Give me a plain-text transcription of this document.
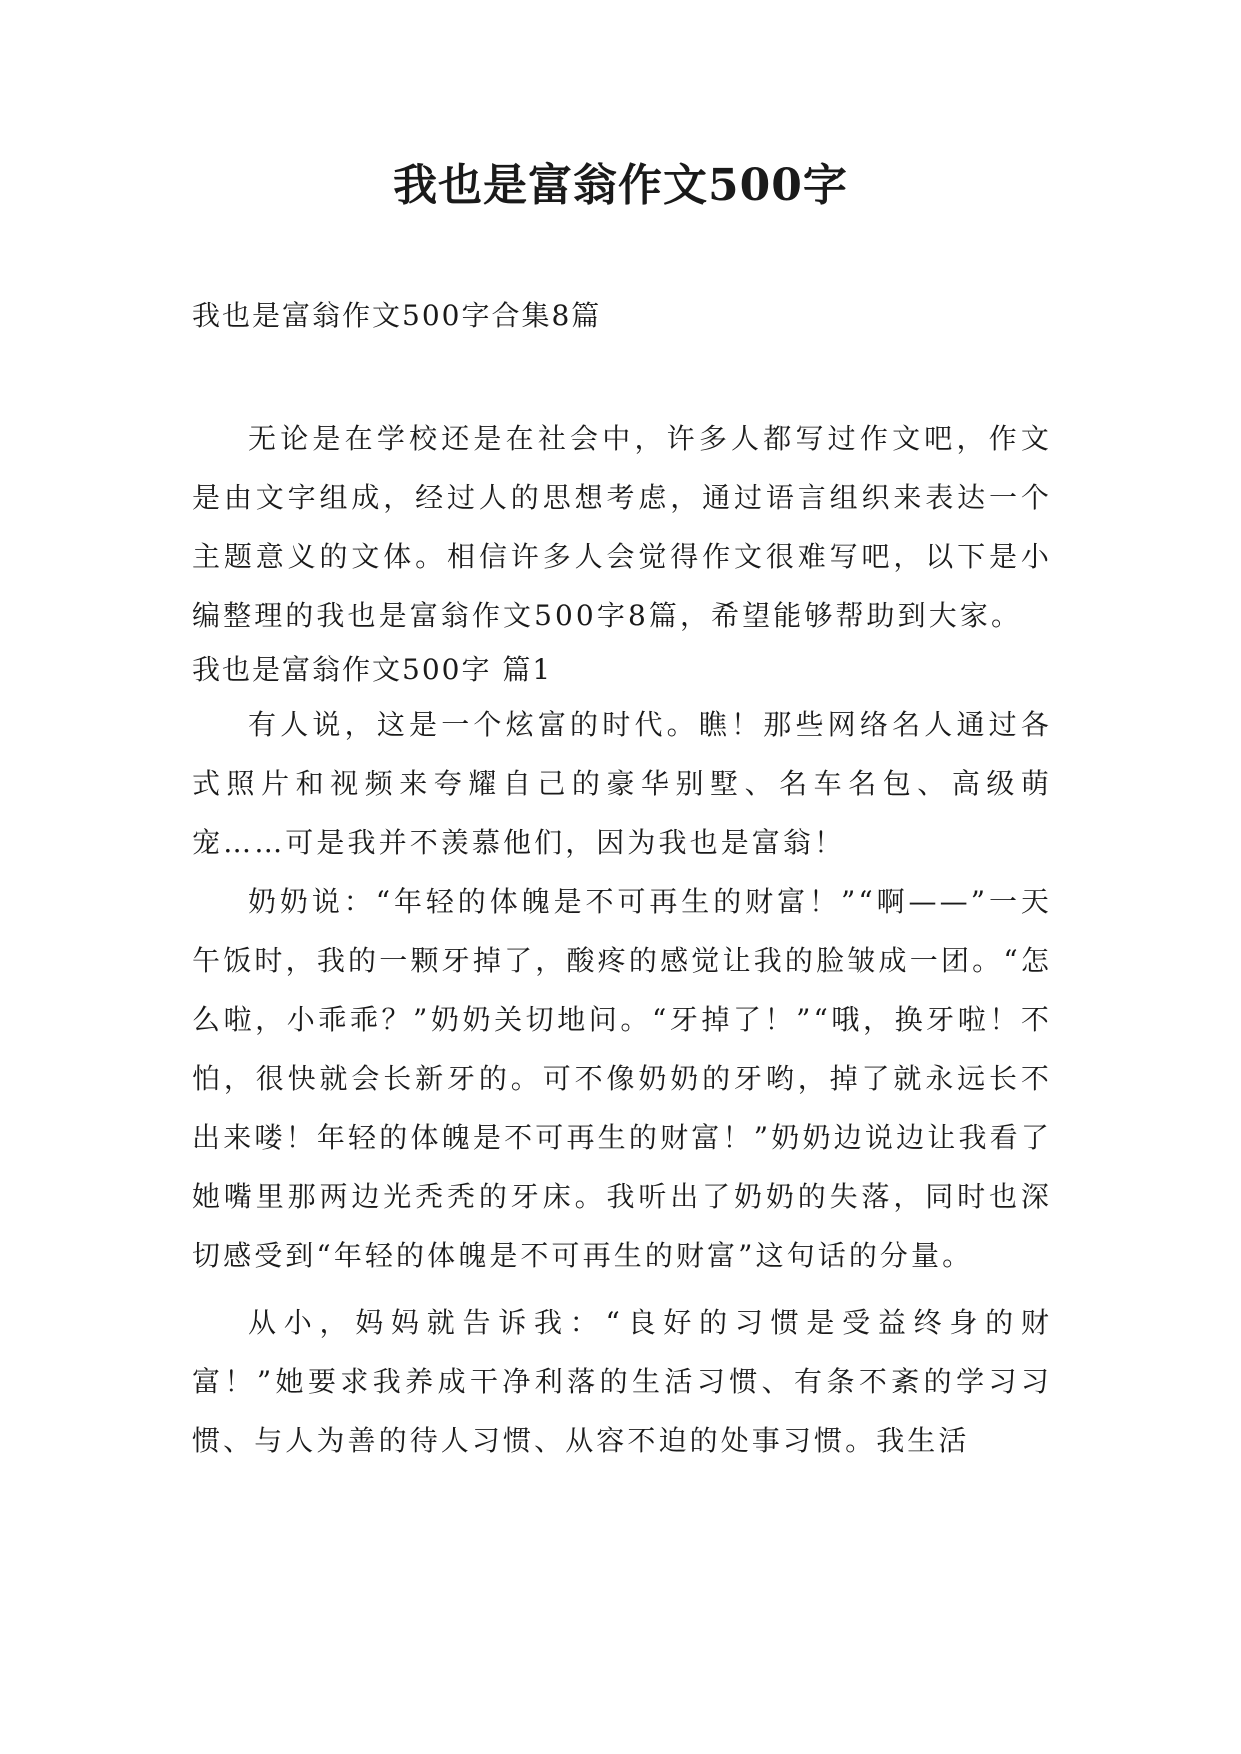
我也是富翁作文500字
我也是富翁作文500字合集8篇

无论是在学校还是在社会中，许多人都写过作文吧，作文是由文字组成，经过人的思想考虑，通过语言组织来表达一个主题意义的文体。相信许多人会觉得作文很难写吧，以下是小编整理的我也是富翁作文500字8篇，希望能够帮助到大家。

我也是富翁作文500字 篇1

有人说，这是一个炫富的时代。瞧！那些网络名人通过各式照片和视频来夸耀自己的豪华别墅、名车名包、高级萌宠……可是我并不羡慕他们，因为我也是富翁！

奶奶说：“年轻的体魄是不可再生的财富！”“啊——”一天午饭时，我的一颗牙掉了，酸疼的感觉让我的脸皱成一团。“怎么啦，小乖乖？”奶奶关切地问。“牙掉了！”“哦，换牙啦！不怕，很快就会长新牙的。可不像奶奶的牙哟，掉了就永远长不出来喽！年轻的体魄是不可再生的财富！”奶奶边说边让我看了她嘴里那两边光秃秃的牙床。我听出了奶奶的失落，同时也深切感受到“年轻的体魄是不可再生的财富”这句话的分量。

从小，妈妈就告诉我：“良好的习惯是受益终身的财富！”她要求我养成干净利落的生活习惯、有条不紊的学习习惯、与人为善的待人习惯、从容不迫的处事习惯。我生活
